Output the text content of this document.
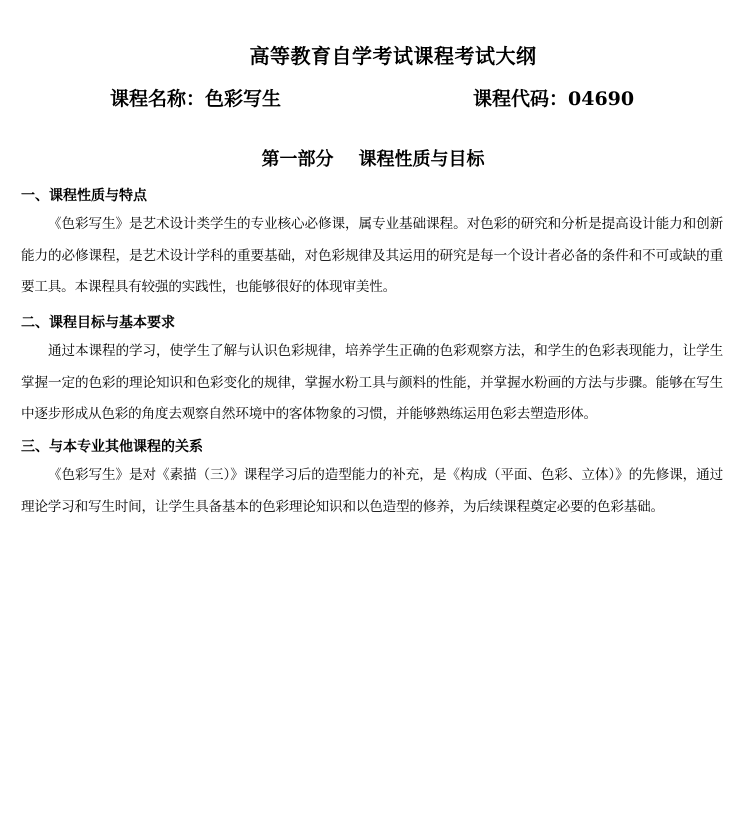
高等教育自学考试课程考试大纲
课程名称：色彩写生	课程代码：04690
第一部分    课程性质与目标
一、课程性质与特点

《色彩写生》是艺术设计类学生的专业核心必修课，属专业基础课程。对色彩的研究和分析是提高设计能力和创新能力的必修课程，是艺术设计学科的重要基础，对色彩规律及其运用的研究是每一个设计者必备的条件和不可或缺的重要工具。本课程具有较强的实践性，也能够很好的体现审美性。

二、课程目标与基本要求

通过本课程的学习，使学生了解与认识色彩规律，培养学生正确的色彩观察方法，和学生的色彩表现能力，让学生掌握一定的色彩的理论知识和色彩变化的规律，掌握水粉工具与颜料的性能，并掌握水粉画的方法与步骤。能够在写生中逐步形成从色彩的角度去观察自然环境中的客体物象的习惯，并能够熟练运用色彩去塑造形体。

三、与本专业其他课程的关系

《色彩写生》是对《素描（三）》课程学习后的造型能力的补充，是《构成（平面、色彩、立体）》的先修课，通过理论学习和写生时间，让学生具备基本的色彩理论知识和以色造型的修养，为后续课程奠定必要的色彩基础。
